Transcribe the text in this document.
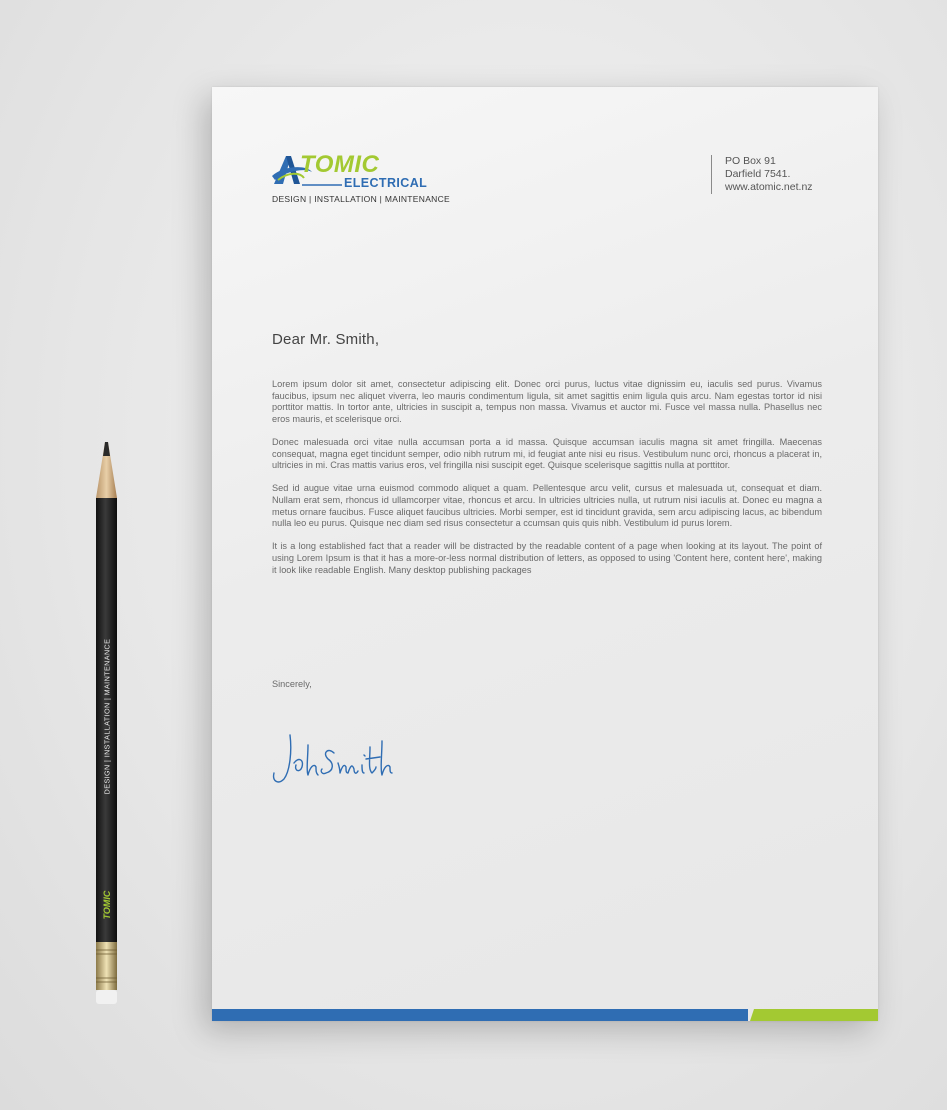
DESIGN | INSTALLATION | MAINTENANCE
TOMIC
TOMIC
ELECTRICAL
DESIGN | INSTALLATION | MAINTENANCE
PO Box 91
Darfield 7541.
www.atomic.net.nz
Dear Mr. Smith,

Lorem ipsum dolor sit amet, consectetur adipiscing elit. Donec orci purus, luctus vitae dignissim eu, iaculis sed purus. Vivamus faucibus, ipsum nec aliquet viverra, leo mauris condimentum ligula, sit amet sagittis enim ligula quis arcu. Nam egestas tortor id nisi porttitor mattis. In tortor ante, ultricies in suscipit a, tempus non massa. Vivamus et auctor mi. Fusce vel massa nulla. Phasellus nec eros mauris, et scelerisque orci.

Donec malesuada orci vitae nulla accumsan porta a id massa. Quisque accumsan iaculis magna sit amet fringilla. Maecenas consequat, magna eget tincidunt semper, odio nibh rutrum mi, id feugiat ante nisi eu risus. Vestibulum nunc orci, rhoncus a placerat in, ultricies in mi. Cras mattis varius eros, vel fringilla nisi suscipit eget. Quisque scelerisque sagittis nulla at porttitor.

Sed id augue vitae urna euismod commodo aliquet a quam. Pellentesque arcu velit, cursus et malesuada ut, consequat et diam. Nullam erat sem, rhoncus id ullamcorper vitae, rhoncus et arcu. In ultricies ultricies nulla, ut rutrum nisi iaculis at. Donec eu magna a metus ornare faucibus. Fusce aliquet faucibus ultricies. Morbi semper, est id tincidunt gravida, sem arcu adipiscing lacus, ac bibendum nulla leo eu purus. Quisque nec diam sed risus consectetur a ccumsan quis quis nibh. Vestibulum id purus lorem.

It is a long established fact that a reader will be distracted by the readable content of a page when looking at its layout. The point of using Lorem Ipsum is that it has a more-or-less normal distribution of letters, as opposed to using 'Content here, content here', making it look like readable English. Many desktop publishing packages

Sincerely,
